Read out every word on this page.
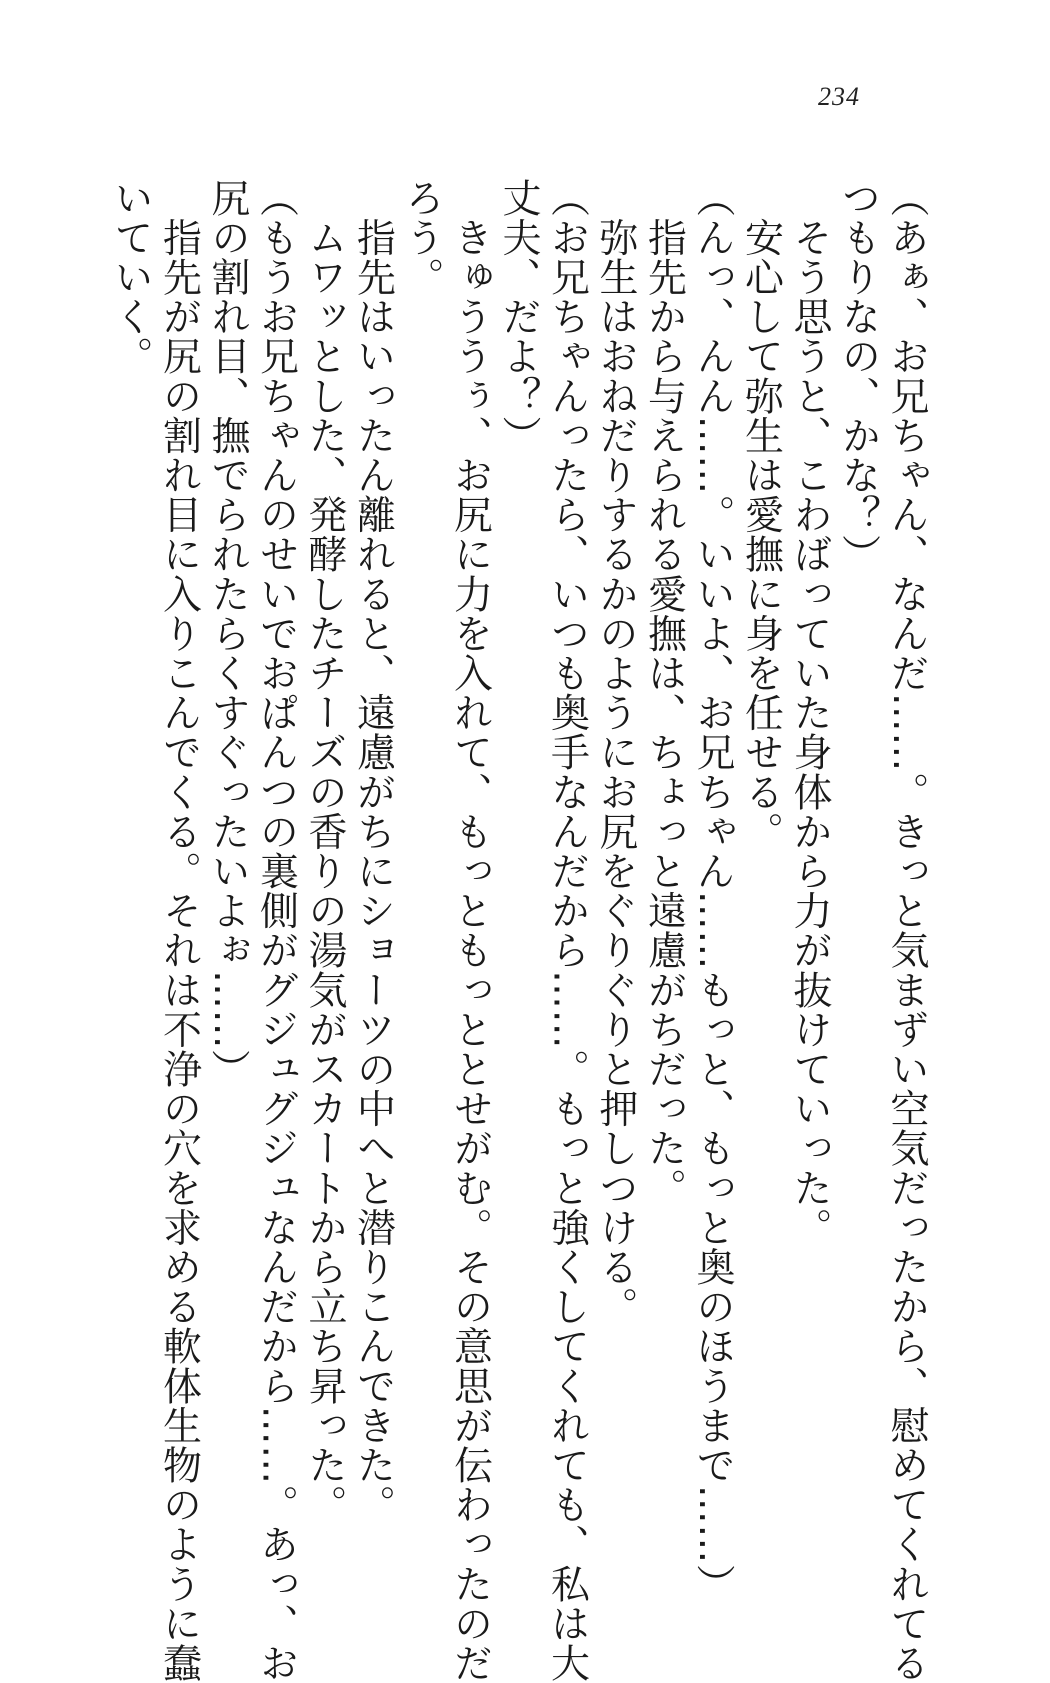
234
（あぁ、お兄ちゃん、なんだ……。きっと気まずい空気だったから、慰めてくれてる
つもりなの、かな？）
　そう思うと、こわばっていた身体から力が抜けていった。
　安心して弥生は愛撫に身を任せる。
（んっ、んん……。いいよ、お兄ちゃん……もっと、もっと奥のほうまで……）
　指先から与えられる愛撫は、ちょっと遠慮がちだった。
　弥生はおねだりするかのようにお尻をぐりぐりと押しつける。
（お兄ちゃんったら、いつも奥手なんだから……。もっと強くしてくれても、私は大
丈夫、だよ？）
　きゅううぅ、お尻に力を入れて、もっともっととせがむ。その意思が伝わったのだ
ろう。
　指先はいったん離れると、遠慮がちにショーツの中へと潜りこんできた。
　ムワッとした、発酵したチーズの香りの湯気がスカートから立ち昇った。
（もうお兄ちゃんのせいでおぱんつの裏側がグジュグジュなんだから……。あっ、お
尻の割れ目、撫でられたらくすぐったいよぉ……）
　指先が尻の割れ目に入りこんでくる。それは不浄の穴を求める軟体生物のように蠢
いていく。
